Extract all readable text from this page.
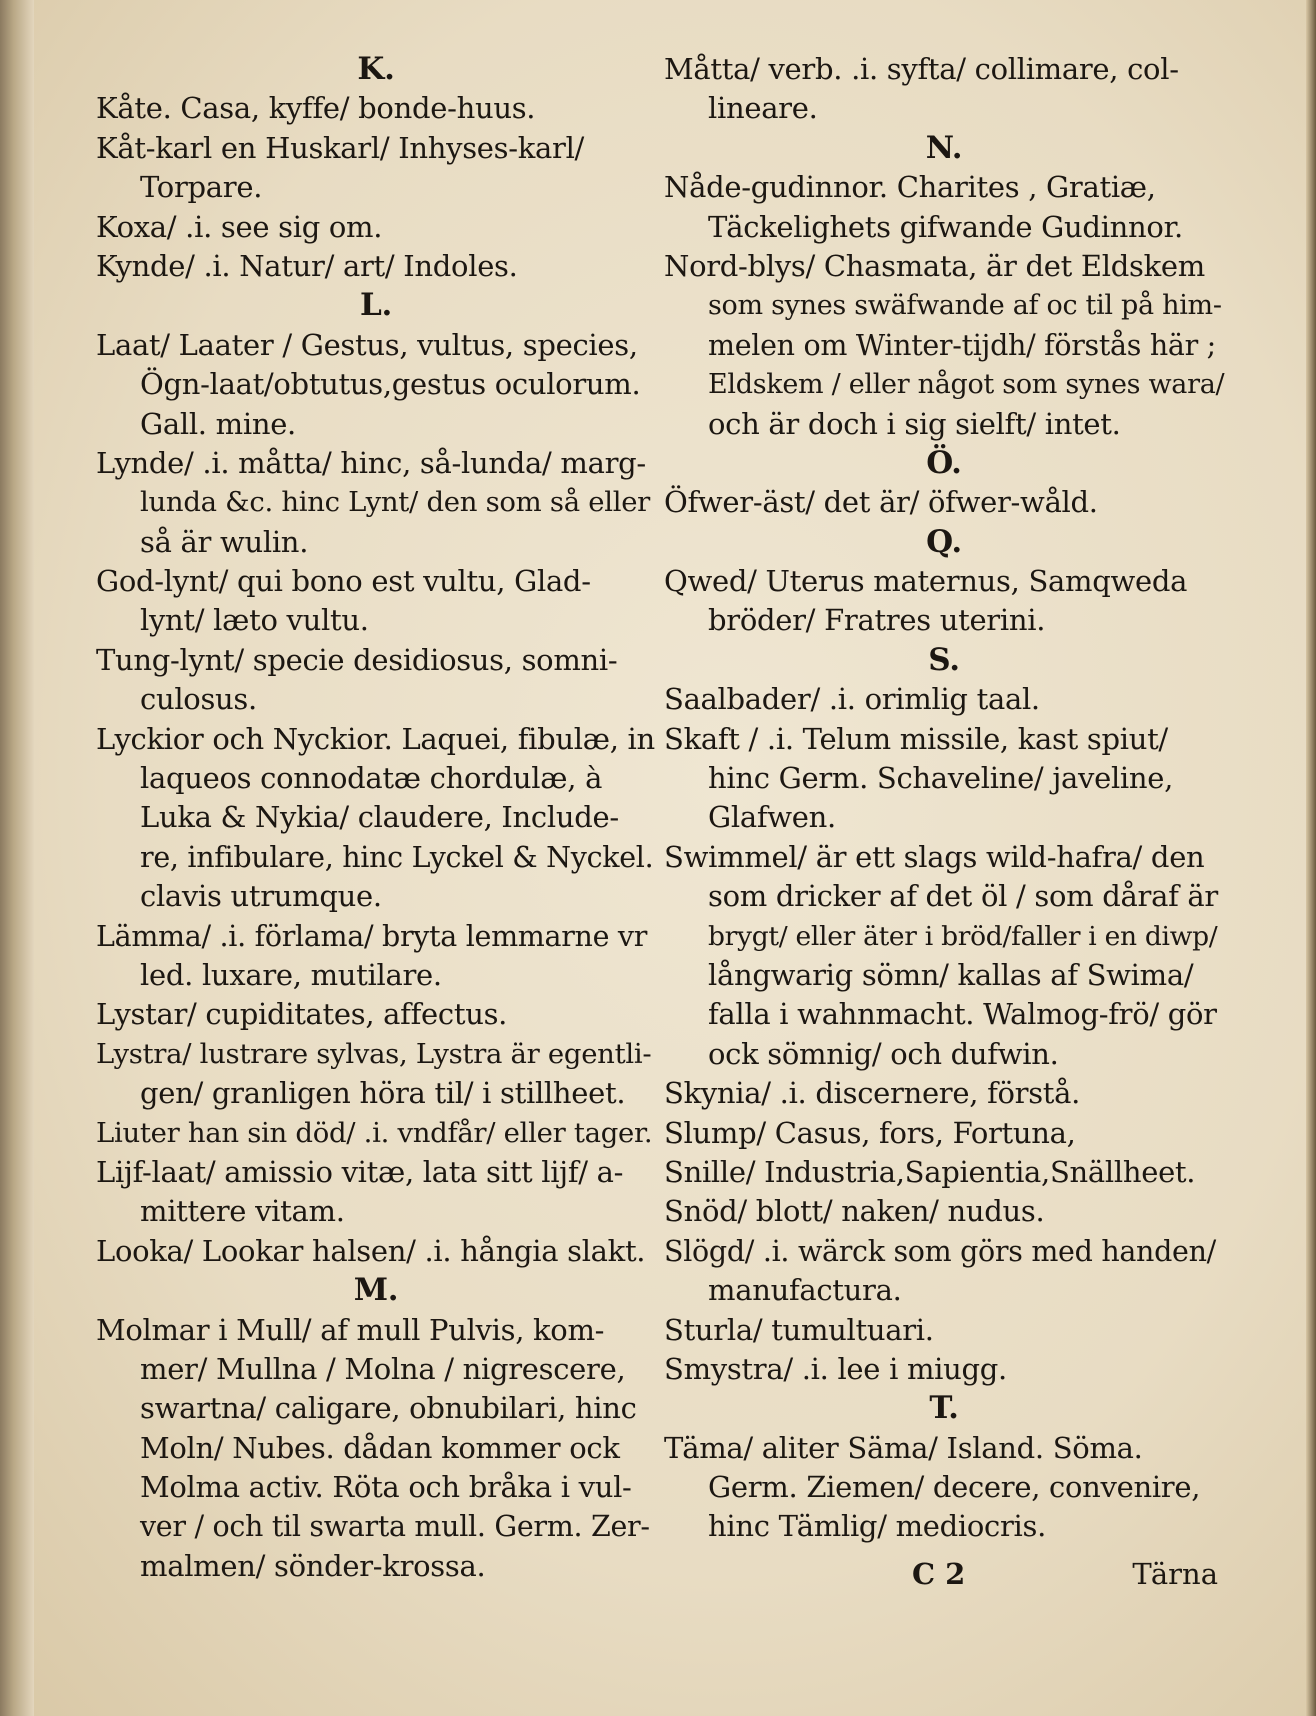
K.
Kåte. Casa, kyffe/ bonde-huus.
Kåt-karl en Huskarl/ Inhyses-karl/
Torpare.
Koxa/ .i. see sig om.
Kynde/ .i. Natur/ art/ Indoles.
L.
Laat/ Laater / Gestus, vultus, species,
Ögn-laat/obtutus,gestus oculorum.
Gall. mine.
Lynde/ .i. måtta/ hinc, så-lunda/ marg-
lunda &c. hinc Lynt/ den som så eller
så är wulin.
God-lynt/ qui bono est vultu, Glad-
lynt/ læto vultu.
Tung-lynt/ specie desidiosus, somni-
culosus.
Lyckior och Nyckior. Laquei, fibulæ, in
laqueos connodatæ chordulæ, à
Luka & Nykia/ claudere, Include-
re, infibulare, hinc Lyckel & Nyckel.
clavis utrumque.
Lämma/ .i. förlama/ bryta lemmarne vr
led. luxare, mutilare.
Lystar/ cupiditates, affectus.
Lystra/ lustrare sylvas, Lystra är egentli-
gen/ granligen höra til/ i stillheet.
Liuter han sin död/ .i. vndfår/ eller tager.
Lijf-laat/ amissio vitæ, lata sitt lijf/ a-
mittere vitam.
Looka/ Lookar halsen/ .i. hångia slakt.
M.
Molmar i Mull/ af mull Pulvis, kom-
mer/ Mullna / Molna / nigrescere,
swartna/ caligare, obnubilari, hinc
Moln/ Nubes. dådan kommer ock
Molma activ. Röta och bråka i vul-
ver / och til swarta mull. Germ. Zer-
malmen/ sönder-krossa.
Måtta/ verb. .i. syfta/ collimare, col-
lineare.
N.
Nåde-gudinnor. Charites , Gratiæ,
Täckelighets gifwande Gudinnor.
Nord-blys/ Chasmata, är det Eldskem
som synes swäfwande af oc til på him-
melen om Winter-tijdh/ förstås här ;
Eldskem / eller något som synes wara/
och är doch i sig sielft/ intet.
Ö.
Öfwer-äst/ det är/ öfwer-wåld.
Q.
Qwed/ Uterus maternus, Samqweda
bröder/ Fratres uterini.
S.
Saalbader/ .i. orimlig taal.
Skaft / .i. Telum missile, kast spiut/
hinc Germ. Schaveline/ javeline,
Glafwen.
Swimmel/ är ett slags wild-hafra/ den
som dricker af det öl / som dåraf är
brygt/ eller äter i bröd/faller i en diwp/
långwarig sömn/ kallas af Swima/
falla i wahnmacht. Walmog-frö/ gör
ock sömnig/ och dufwin.
Skynia/ .i. discernere, förstå.
Slump/ Casus, fors, Fortuna,
Snille/ Industria,Sapientia,Snällheet.
Snöd/ blott/ naken/ nudus.
Slögd/ .i. wärck som görs med handen/
manufactura.
Sturla/ tumultuari.
Smystra/ .i. lee i miugg.
T.
Täma/ aliter Säma/ Island. Söma.
Germ. Ziemen/ decere, convenire,
hinc Tämlig/ mediocris.
C 2	Tärna
